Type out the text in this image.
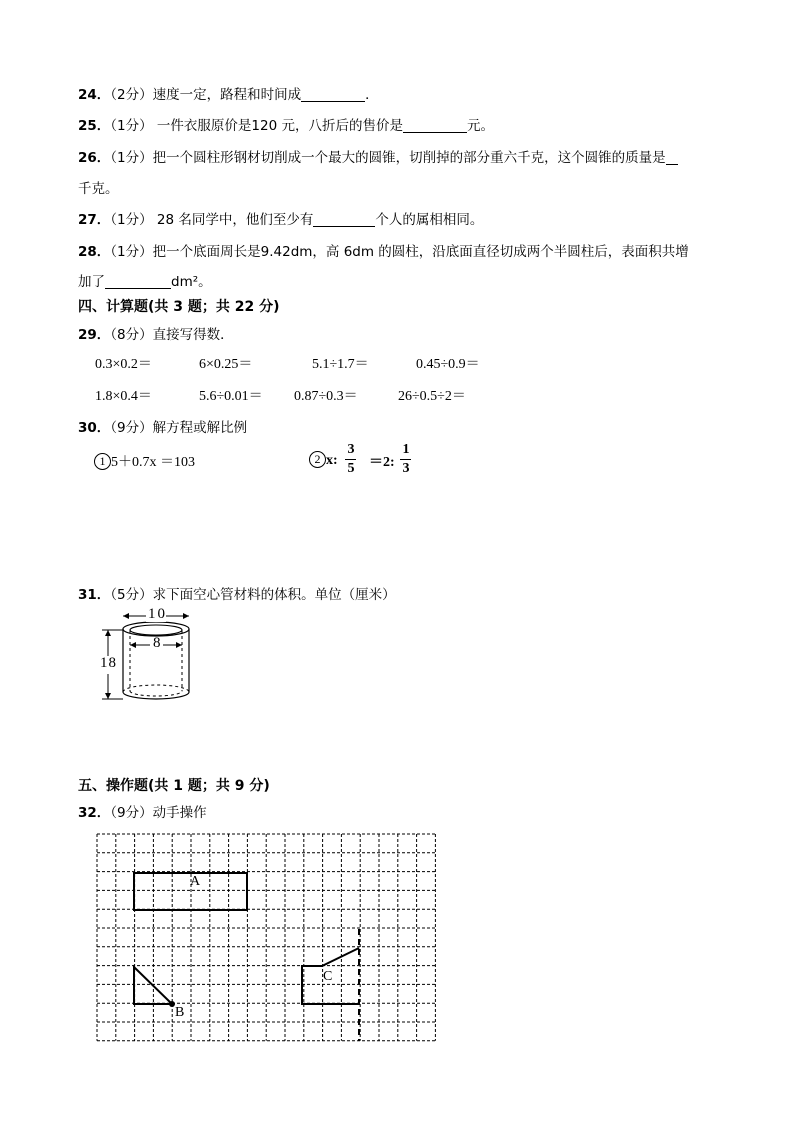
24．（2分）速度一定，路程和时间成	．
25．（1分） 一件衣服原价是120 元，八折后的售价是	元。
26．（1分）把一个圆柱形钢材切削成一个最大的圆锥，切削掉的部分重六千克，这个圆锥的质量是
千克。
27．（1分） 28 名同学中，他们至少有	个人的属相相同。
28．（1分）把一个底面周长是9.42dm，高 6dm 的圆柱，沿底面直径切成两个半圆柱后，表面积共增
加了	dm²。
四、计算题(共 3 题；共 22 分)
29．（8分）直接写得数．
0.3×0.2＝	6×0.25＝	5.1÷1.7＝	0.45÷0.9＝
1.8×0.4＝	5.6÷0.01＝ 0.87÷0.3＝	26÷0.5÷2＝
30．（9分）解方程或解比例
1 5＋0.7x ＝103	2 x:
3
5 ＝2:
1
3
31．（5分）求下面空心管材料的体积。单位（厘米）
10
8
18
五、操作题(共 1 题；共 9 分)
32．（9分）动手操作
A
B
C
